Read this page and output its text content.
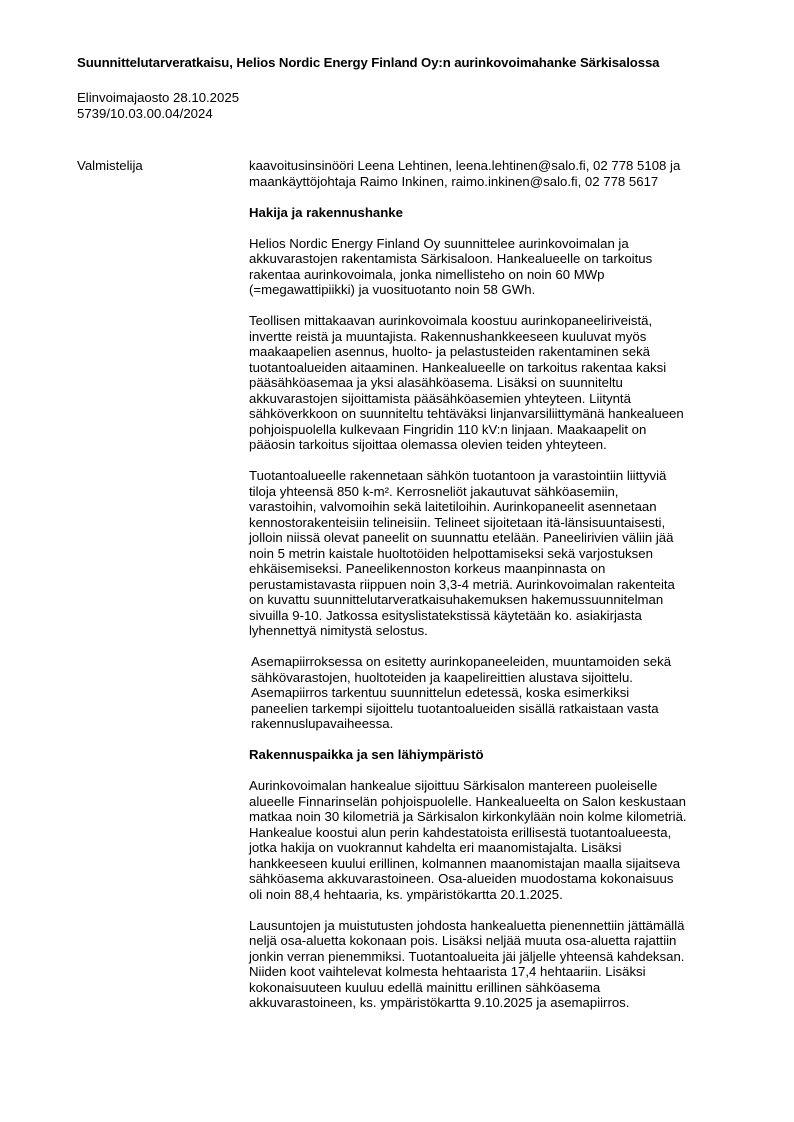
Suunnittelutarveratkaisu, Helios Nordic Energy Finland Oy:n aurinkovoimahanke Särkisalossa
Elinvoimajaosto 28.10.2025
5739/10.03.00.04/2024
Valmistelija	kaavoitusinsinööri Leena Lehtinen, leena.lehtinen@salo.fi, 02 778 5108 ja
maankäyttöjohtaja Raimo Inkinen, raimo.inkinen@salo.fi, 02 778 5617
Hakija ja rakennushanke
Helios Nordic Energy Finland Oy suunnittelee aurinkovoimalan ja
akkuvarastojen rakentamista Särkisaloon. Hankealueelle on tarkoitus
rakentaa aurinkovoimala, jonka nimellisteho on noin 60 MWp
(=megawattipiikki) ja vuosituotanto noin 58 GWh.
Teollisen mittakaavan aurinkovoimala koostuu aurinkopaneeliriveistä,
invertte reistä ja muuntajista. Rakennushankkeeseen kuuluvat myös
maakaapelien asennus, huolto- ja pelastusteiden rakentaminen sekä
tuotantoalueiden aitaaminen. Hankealueelle on tarkoitus rakentaa kaksi
pääsähköasemaa ja yksi alasähköasema. Lisäksi on suunniteltu
akkuvarastojen sijoittamista pääsähköasemien yhteyteen. Liityntä
sähköverkkoon on suunniteltu tehtäväksi linjanvarsiliittymänä hankealueen
pohjoispuolella kulkevaan Fingridin 110 kV:n linjaan. Maakaapelit on
pääosin tarkoitus sijoittaa olemassa olevien teiden yhteyteen.
Tuotantoalueelle rakennetaan sähkön tuotantoon ja varastointiin liittyviä
tiloja yhteensä 850 k-m². Kerrosneliöt jakautuvat sähköasemiin,
varastoihin, valvomoihin sekä laitetiloihin. Aurinkopaneelit asennetaan
kennostorakenteisiin telineisiin. Telineet sijoitetaan itä-länsisuuntaisesti,
jolloin niissä olevat paneelit on suunnattu etelään. Paneelirivien väliin jää
noin 5 metrin kaistale huoltotöiden helpottamiseksi sekä varjostuksen
ehkäisemiseksi. Paneelikennoston korkeus maanpinnasta on
perustamistavasta riippuen noin 3,3-4 metriä. Aurinkovoimalan rakenteita
on kuvattu suunnittelutarveratkaisuhakemuksen hakemussuunnitelman
sivuilla 9-10. Jatkossa esityslistatekstissä käytetään ko. asiakirjasta
lyhennettyä nimitystä selostus.
Asemapiirroksessa on esitetty aurinkopaneeleiden, muuntamoiden sekä
sähkövarastojen, huoltoteiden ja kaapelireittien alustava sijoittelu.
Asemapiirros tarkentuu suunnittelun edetessä, koska esimerkiksi
paneelien tarkempi sijoittelu tuotantoalueiden sisällä ratkaistaan vasta
rakennuslupavaiheessa.
Rakennuspaikka ja sen lähiympäristö
Aurinkovoimalan hankealue sijoittuu Särkisalon mantereen puoleiselle
alueelle Finnarinselän pohjoispuolelle. Hankealueelta on Salon keskustaan
matkaa noin 30 kilometriä ja Särkisalon kirkonkylään noin kolme kilometriä.
Hankealue koostui alun perin kahdestatoista erillisestä tuotantoalueesta,
jotka hakija on vuokrannut kahdelta eri maanomistajalta. Lisäksi
hankkeeseen kuului erillinen, kolmannen maanomistajan maalla sijaitseva
sähköasema akkuvarastoineen. Osa-alueiden muodostama kokonaisuus
oli noin 88,4 hehtaaria, ks. ympäristökartta 20.1.2025.
Lausuntojen ja muistutusten johdosta hankealuetta pienennettiin jättämällä
neljä osa-aluetta kokonaan pois. Lisäksi neljää muuta osa-aluetta rajattiin
jonkin verran pienemmiksi. Tuotantoalueita jäi jäljelle yhteensä kahdeksan.
Niiden koot vaihtelevat kolmesta hehtaarista 17,4 hehtaariin. Lisäksi
kokonaisuuteen kuuluu edellä mainittu erillinen sähköasema
akkuvarastoineen, ks. ympäristökartta 9.10.2025 ja asemapiirros.
